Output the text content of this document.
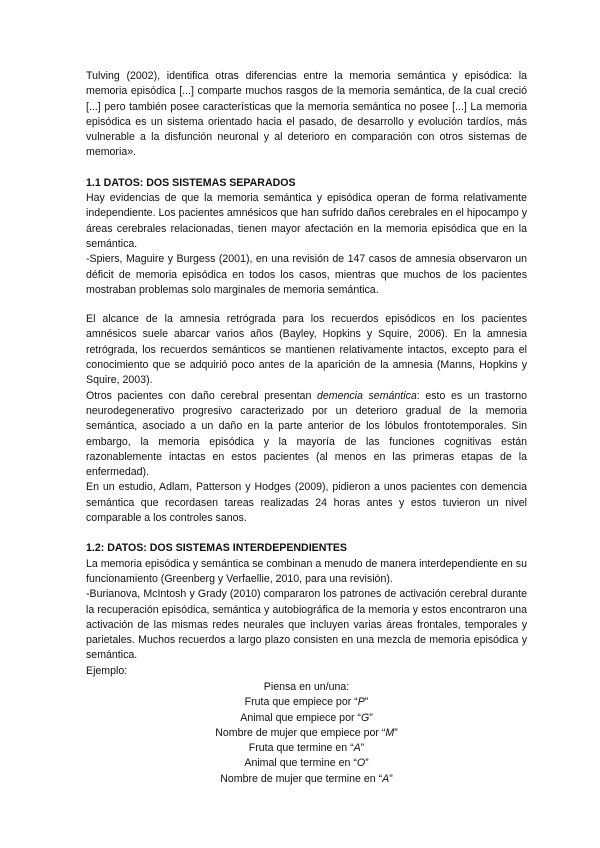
Tulving (2002), identifica otras diferencias entre la memoria semántica y episódica: la memoria episódica [...] comparte muchos rasgos de la memoria semántica, de la cual creció [...] pero también posee características que la memoria semántica no posee [...] La memoria episódica es un sistema orientado hacia el pasado, de desarrollo y evolución tardíos, más vulnerable a la disfunción neuronal y al deterioro en comparación con otros sistemas de memoria».

1.1 DATOS: DOS SISTEMAS SEPARADOS

Hay evidencias de que la memoria semántica y episódica operan de forma relativamente independiente. Los pacientes amnésicos que han sufrido daños cerebrales en el hipocampo y áreas cerebrales relacionadas, tienen mayor afectación en la memoria episódica que en la semántica.

-Spiers, Maguire y Burgess (2001), en una revisión de 147 casos de amnesia observaron un déficit de memoria episódica en todos los casos, mientras que muchos de los pacientes mostraban problemas solo marginales de memoria semántica.

El alcance de la amnesia retrógrada para los recuerdos episódicos en los pacientes amnésicos suele abarcar varios años (Bayley, Hopkins y Squire, 2006). En la amnesia retrógrada, los recuerdos semánticos se mantienen relativamente intactos, excepto para el conocimiento que se adquirió poco antes de la aparición de la amnesia (Manns, Hopkins y Squire, 2003).

Otros pacientes con daño cerebral presentan demencia semántica: esto es un trastorno neurodegenerativo progresivo caracterizado por un deterioro gradual de la memoria semántica, asociado a un daño en la parte anterior de los lóbulos frontotemporales. Sin embargo, la memoria episódica y la mayoría de las funciones cognitivas están razonablemente intactas en estos pacientes (al menos en las primeras etapas de la enfermedad).

En un estudio, Adlam, Patterson y Hodges (2009), pidieron a unos pacientes con demencia semántica que recordasen tareas realizadas 24 horas antes y estos tuvieron un nivel comparable a los controles sanos.

1.2: DATOS: DOS SISTEMAS INTERDEPENDIENTES

La memoria episódica y semántica se combinan a menudo de manera interdependiente en su funcionamiento (Greenberg y Verfaellie, 2010, para una revisión).

-Burianova, McIntosh y Grady (2010) compararon los patrones de activación cerebral durante la recuperación episódica, semántica y autobiográfica de la memoria y estos encontraron una activación de las mismas redes neurales que incluyen varias áreas frontales, temporales y parietales. Muchos recuerdos a largo plazo consisten en una mezcla de memoria episódica y semántica.

Ejemplo:

Piensa en un/una:

Fruta que empiece por “P”

Animal que empiece por “G”

Nombre de mujer que empiece por “M”

Fruta que termine en “A”

Animal que termine en “O”

Nombre de mujer que termine en “A”
